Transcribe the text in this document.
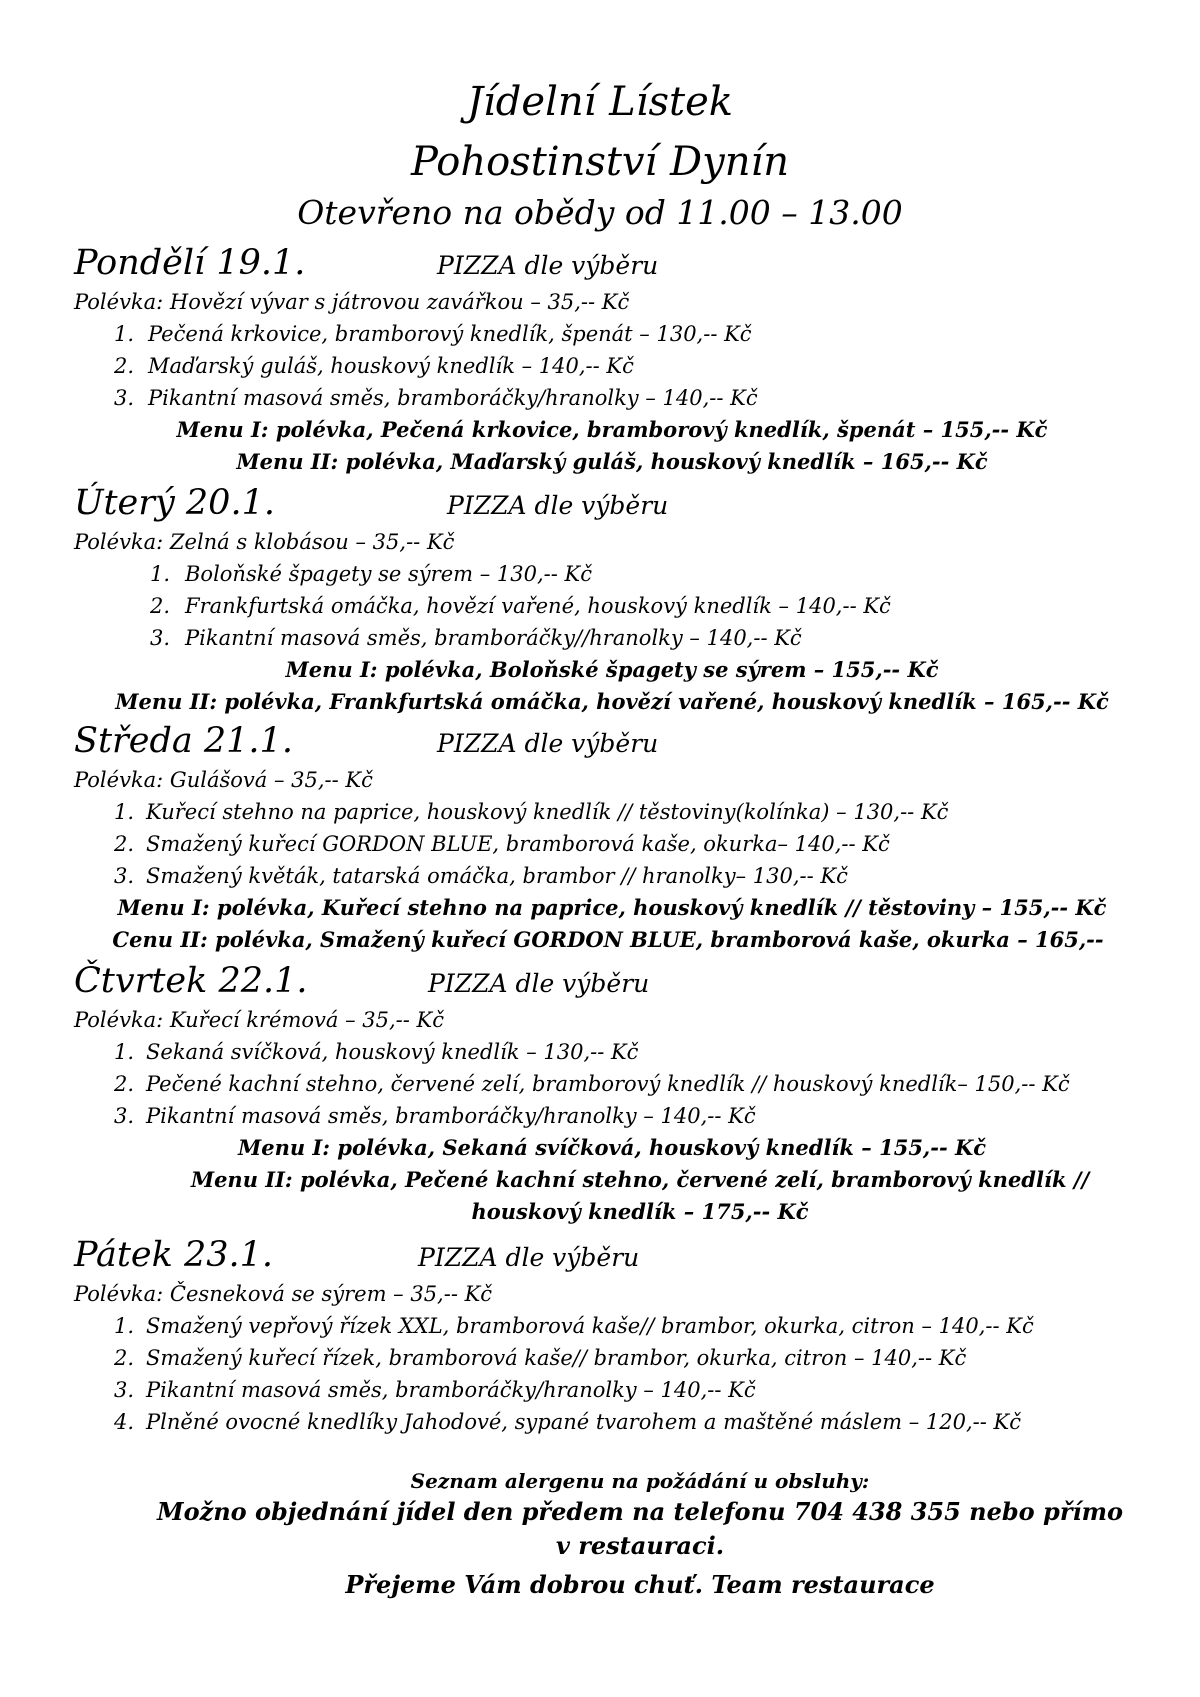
Jídelní Lístek
Pohostinství Dynín
Otevřeno na obědy od 11.00 – 13.00
Pondělí 19.1.	PIZZA dle výběru

Polévka: Hovězí vývar s játrovou zavářkou – 35,-- Kč

1. Pečená krkovice, bramborový knedlík, špenát – 130,-- Kč
2. Maďarský guláš, houskový knedlík – 140,-- Kč
3. Pikantní masová směs, bramboráčky/hranolky – 140,-- Kč

Menu I: polévka, Pečená krkovice, bramborový knedlík, špenát – 155,-- Kč

Menu II: polévka, Maďarský guláš, houskový knedlík – 165,-- Kč

Úterý 20.1.	PIZZA dle výběru

Polévka: Zelná s klobásou – 35,-- Kč

1. Boloňské špagety se sýrem – 130,-- Kč
2. Frankfurtská omáčka, hovězí vařené, houskový knedlík – 140,-- Kč
3. Pikantní masová směs, bramboráčky//hranolky – 140,-- Kč

Menu I: polévka, Boloňské špagety se sýrem – 155,-- Kč

Menu II: polévka, Frankfurtská omáčka, hovězí vařené, houskový knedlík – 165,-- Kč

Středa 21.1.	PIZZA dle výběru

Polévka: Gulášová – 35,-- Kč

1. Kuřecí stehno na paprice, houskový knedlík // těstoviny(kolínka) – 130,-- Kč
2. Smažený kuřecí GORDON BLUE, bramborová kaše, okurka– 140,-- Kč
3. Smažený květák, tatarská omáčka, brambor // hranolky– 130,-- Kč

Menu I: polévka, Kuřecí stehno na paprice, houskový knedlík // těstoviny – 155,-- Kč

Cenu II: polévka, Smažený kuřecí GORDON BLUE, bramborová kaše, okurka – 165,--

Čtvrtek 22.1.	PIZZA dle výběru

Polévka: Kuřecí krémová – 35,-- Kč

1. Sekaná svíčková, houskový knedlík – 130,-- Kč
2. Pečené kachní stehno, červené zelí, bramborový knedlík // houskový knedlík– 150,-- Kč
3. Pikantní masová směs, bramboráčky/hranolky – 140,-- Kč

Menu I: polévka, Sekaná svíčková, houskový knedlík – 155,-- Kč

Menu II: polévka, Pečené kachní stehno, červené zelí, bramborový knedlík // houskový knedlík – 175,-- Kč

Pátek 23.1.	PIZZA dle výběru

Polévka: Česneková se sýrem – 35,-- Kč

1. Smažený vepřový řízek XXL, bramborová kaše// brambor, okurka, citron – 140,-- Kč
2. Smažený kuřecí řízek, bramborová kaše// brambor, okurka, citron – 140,-- Kč
3. Pikantní masová směs, bramboráčky/hranolky – 140,-- Kč
4. Plněné ovocné knedlíky Jahodové, sypané tvarohem a maštěné máslem – 120,-- Kč
Seznam alergenu na požádání u obsluhy:
Možno objednání jídel den předem na telefonu 704 438 355 nebo přímo v restauraci.
Přejeme Vám dobrou chuť. Team restaurace
